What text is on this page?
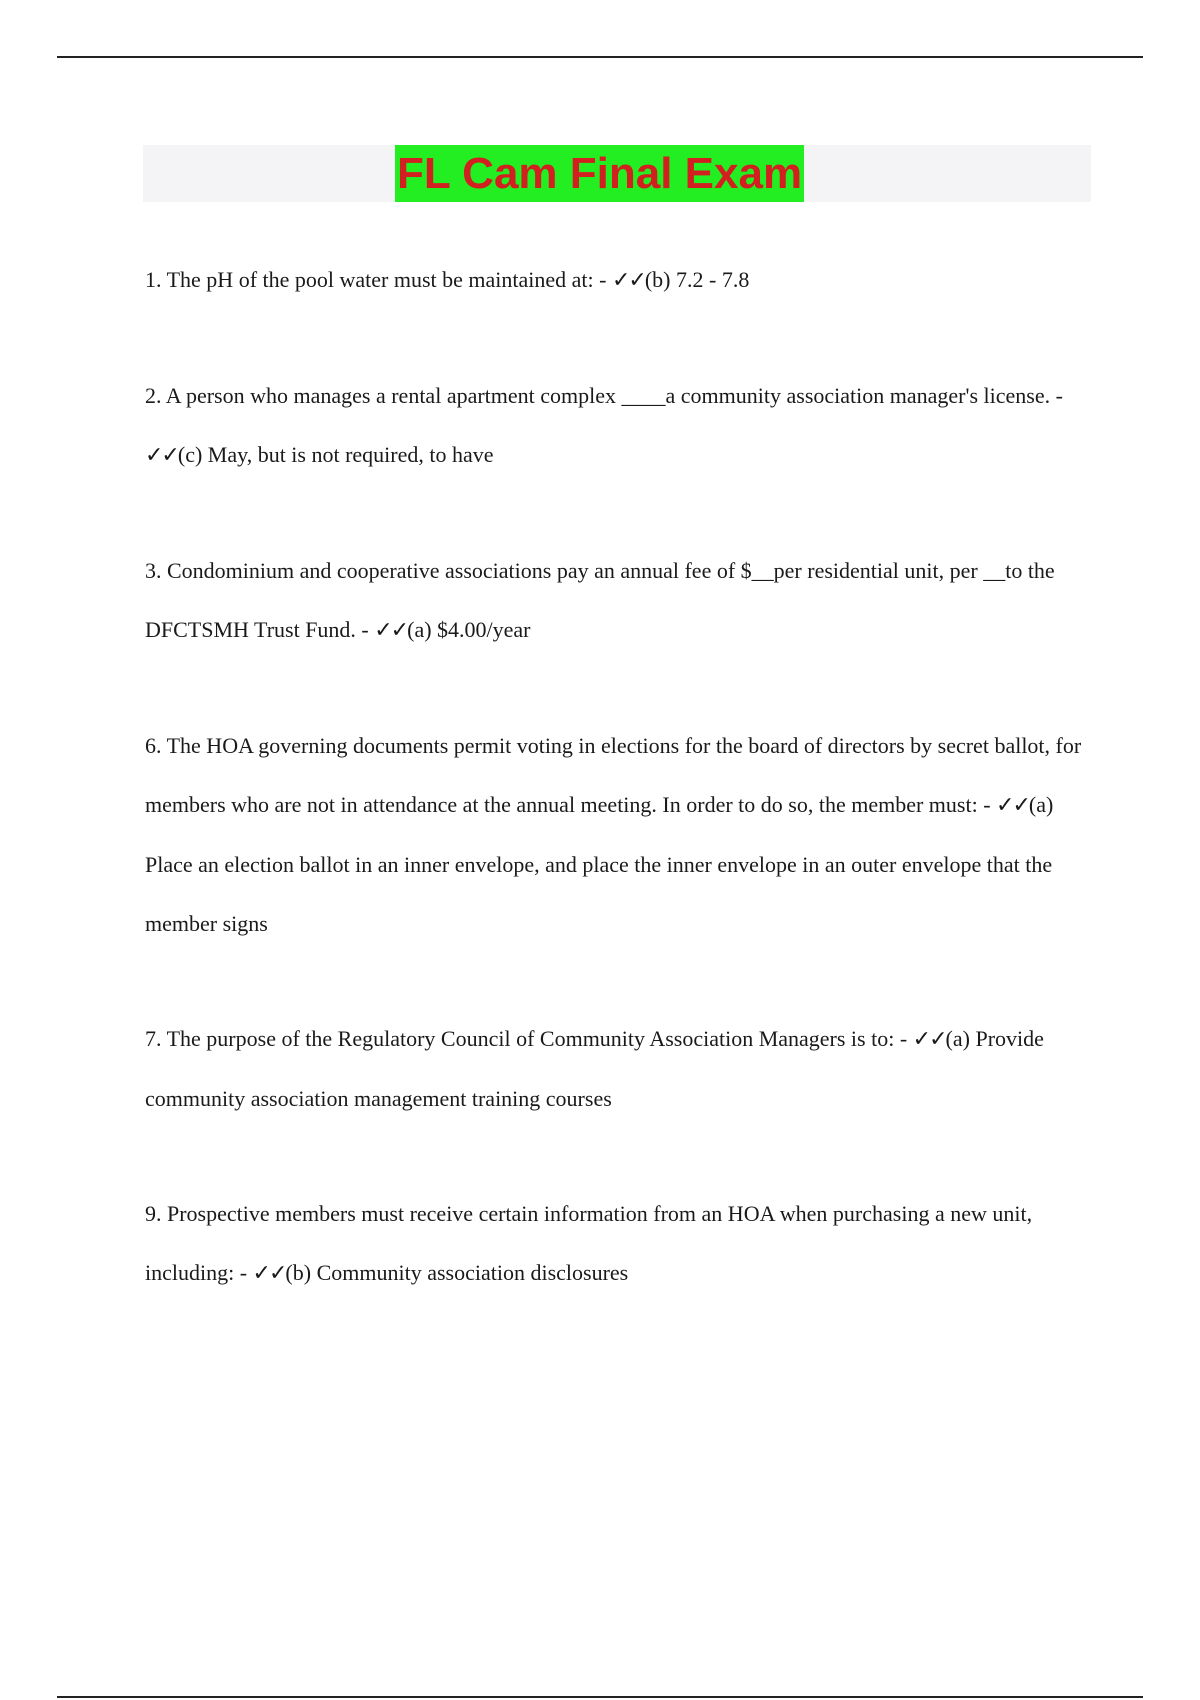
FL Cam Final Exam

1. The pH of the pool water must be maintained at: - ✓✓(b) 7.2 - 7.8

2. A person who manages a rental apartment complex ____a community association manager's license. - ✓✓(c) May, but is not required, to have

3. Condominium and cooperative associations pay an annual fee of $__per residential unit, per __to the DFCTSMH Trust Fund. - ✓✓(a) $4.00/year

6. The HOA governing documents permit voting in elections for the board of directors by secret ballot, for members who are not in attendance at the annual meeting. In order to do so, the member must: - ✓✓(a) Place an election ballot in an inner envelope, and place the inner envelope in an outer envelope that the member signs

7. The purpose of the Regulatory Council of Community Association Managers is to: - ✓✓(a) Provide community association management training courses

9. Prospective members must receive certain information from an HOA when purchasing a new unit, including: - ✓✓(b) Community association disclosures
